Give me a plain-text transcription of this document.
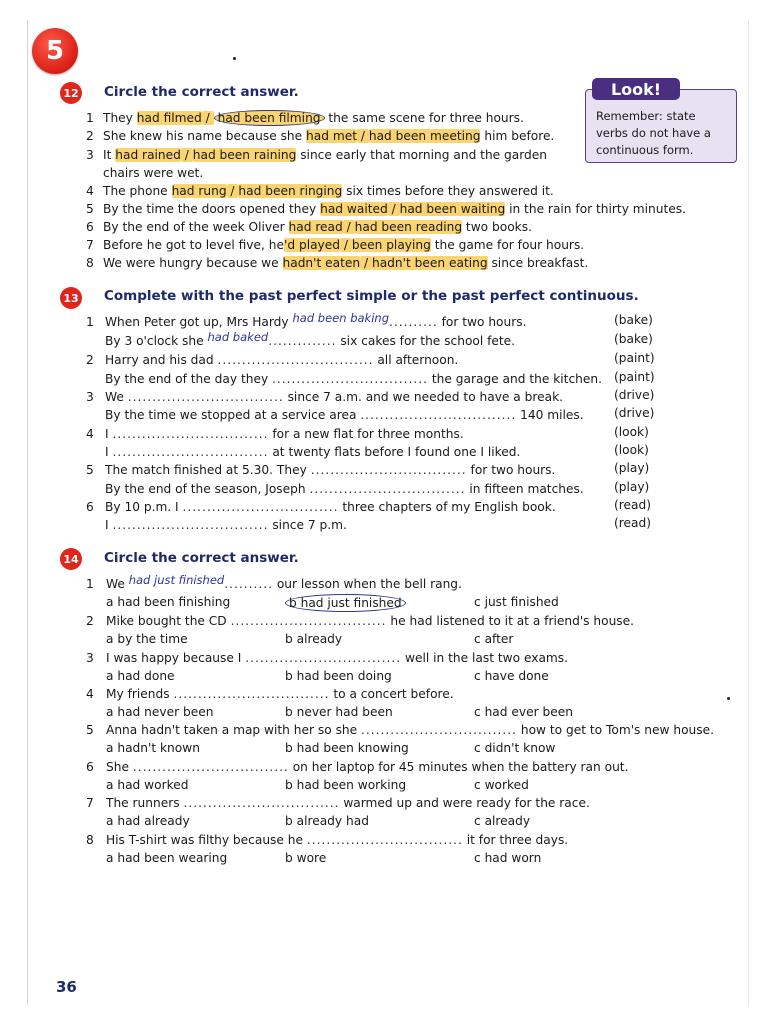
5
Look!
Remember: state verbs do not have a continuous form.
12 Circle the correct answer.
1 They had filmed / had been filming the same scene for three hours.
2 She knew his name because she had met / had been meeting him before.
3 It had rained / had been raining since early that morning and the garden
4 The phone had rung / had been ringing six times before they answered it.
5 By the time the doors opened they had waited / had been waiting in the rain for thirty minutes.
6 By the end of the week Oliver had read / had been reading two books.
7 Before he got to level five, he'd played / been playing the game for four hours.
8 We were hungry because we hadn't eaten / hadn't been eating since breakfast.
chairs were wet.
13 Complete with the past perfect simple or the past perfect continuous.
1 When Peter got up, Mrs Hardy had been baking.......... for two hours.	(bake)
By 3 o'clock she had baked.............. six cakes for the school fete.	(bake)
2 Harry and his dad ................................ all afternoon.	(paint)
By the end of the day they ................................ the garage and the kitchen. (paint)
3 We ................................ since 7 a.m. and we needed to have a break.	(drive)
By the time we stopped at a service area ................................ 140 miles. (drive)
4 I ................................ for a new flat for three months.	(look)
I ................................ at twenty flats before I found one I liked.	(look)
5 The match finished at 5.30. They ................................ for two hours.	(play)
By the end of the season, Joseph ................................ in fifteen matches. (play)
6 By 10 p.m. I ................................ three chapters of my English book.	(read)
I ................................ since 7 p.m.	(read)
14 Circle the correct answer.
1 We had just finished.......... our lesson when the bell rang.
a had been finishing	b had just finished	c just finished
2 Mike bought the CD ................................ he had listened to it at a friend's house.
a by the time	b already	c after
3 I was happy because I ................................ well in the last two exams.
a had done	b had been doing	c have done
4 My friends ................................ to a concert before.
a had never been	b never had been	c had ever been
5 Anna hadn't taken a map with her so she ................................ how to get to Tom's new house.
a hadn't known	b had been knowing	c didn't know
6 She ................................ on her laptop for 45 minutes when the battery ran out.
a had worked	b had been working	c worked
7 The runners ................................ warmed up and were ready for the race.
a had already	b already had	c already
8 His T-shirt was filthy because he ................................ it for three days.
a had been wearing	b wore	c had worn
36
